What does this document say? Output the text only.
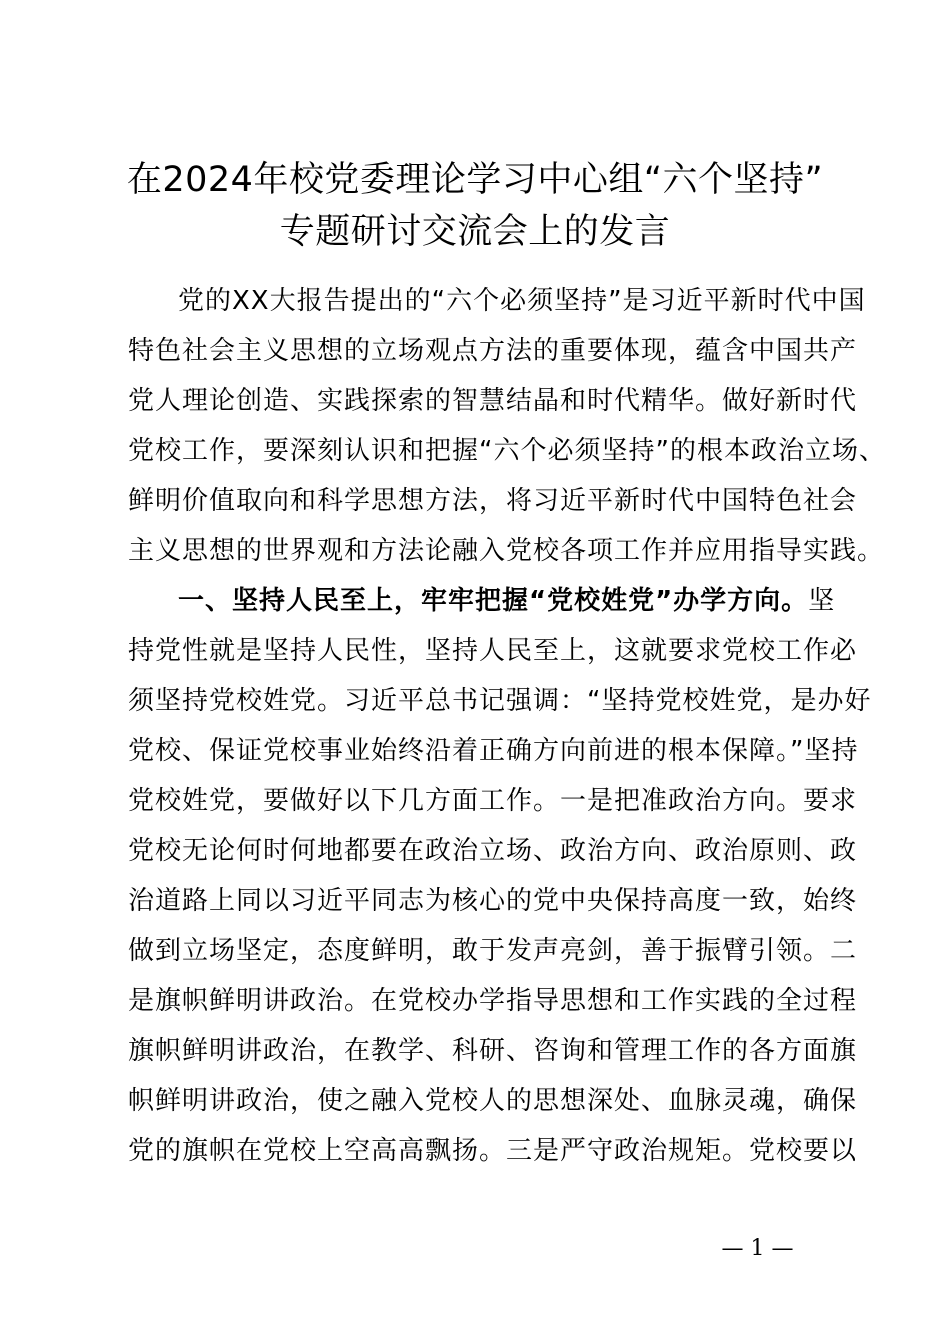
在2024年校党委理论学习中心组“六个坚持”
专题研讨交流会上的发言
党的XX大报告提出的“六个必须坚持”是习近平新时代中国
特色社会主义思想的立场观点方法的重要体现，蕴含中国共产
党人理论创造、实践探索的智慧结晶和时代精华。做好新时代
党校工作，要深刻认识和把握“六个必须坚持”的根本政治立场、
鲜明价值取向和科学思想方法，将习近平新时代中国特色社会
主义思想的世界观和方法论融入党校各项工作并应用指导实践。
一、坚持人民至上，牢牢把握“党校姓党”办学方向。坚
持党性就是坚持人民性，坚持人民至上，这就要求党校工作必
须坚持党校姓党。习近平总书记强调：“坚持党校姓党，是办好
党校、保证党校事业始终沿着正确方向前进的根本保障。”坚持
党校姓党，要做好以下几方面工作。一是把准政治方向。要求
党校无论何时何地都要在政治立场、政治方向、政治原则、政
治道路上同以习近平同志为核心的党中央保持高度一致，始终
做到立场坚定，态度鲜明，敢于发声亮剑，善于振臂引领。二
是旗帜鲜明讲政治。在党校办学指导思想和工作实践的全过程
旗帜鲜明讲政治，在教学、科研、咨询和管理工作的各方面旗
帜鲜明讲政治，使之融入党校人的思想深处、血脉灵魂，确保
党的旗帜在党校上空高高飘扬。三是严守政治规矩。党校要以
— 1 —
